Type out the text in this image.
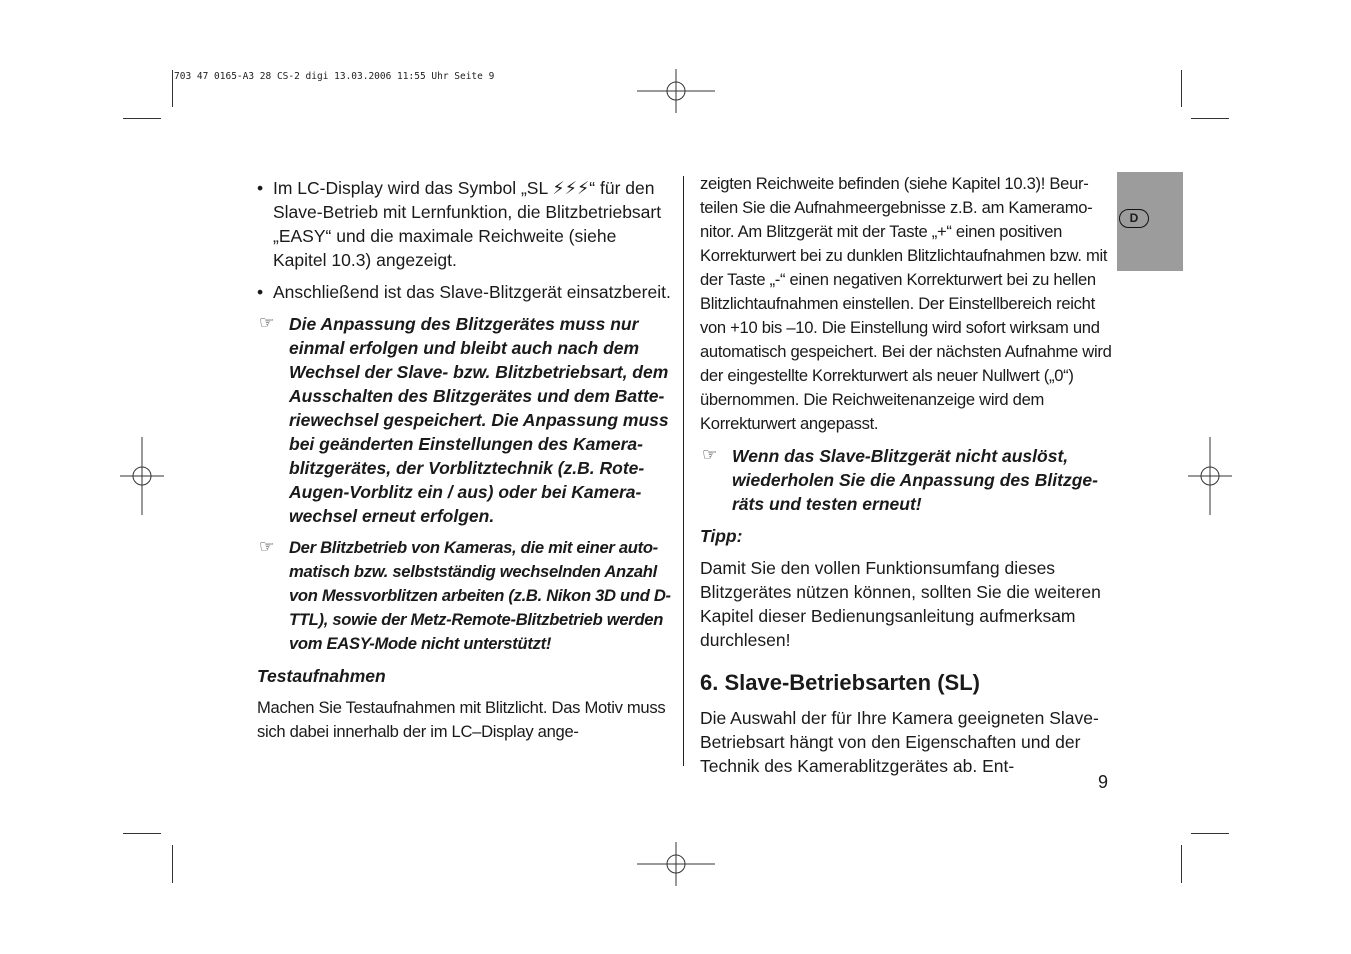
703 47 0165-A3 28 CS-2 digi 13.03.2006 11:55 Uhr Seite 9
D
• Im LC-Display wird das Symbol „SL ⚡⚡⚡“ für den Slave-Betrieb mit Lernfunktion, die Blitzbetriebsart „EASY“ und die maximale Reichweite (siehe Kapitel 10.3) angezeigt.
• Anschließend ist das Slave-Blitzgerät einsatzbereit.
☞ Die Anpassung des Blitzgerätes muss nur einmal erfolgen und bleibt auch nach dem Wechsel der Slave- bzw. Blitzbetriebsart, dem Ausschalten des Blitzgerätes und dem Batteriewechsel gespeichert. Die Anpassung muss bei geänderten Einstellungen des Kamerablitzgerätes, der Vorblitztechnik (z.B. Rote-Augen-Vorblitz ein / aus) oder bei Kamerawechsel erneut erfolgen.
☞ Der Blitzbetrieb von Kameras, die mit einer automatisch bzw. selbstständig wechselnden Anzahl von Messvorblitzen arbeiten (z.B. Nikon 3D und D-TTL), sowie der Metz-Remote-Blitzbetrieb werden vom EASY-Mode nicht unterstützt!
Testaufnahmen
Machen Sie Testaufnahmen mit Blitzlicht. Das Motiv muss sich dabei innerhalb der im LC–Display ange-
zeigten Reichweite befinden (siehe Kapitel 10.3)! Beurteilen Sie die Aufnahmeergebnisse z.B. am Kameramonitor. Am Blitzgerät mit der Taste „+“ einen positiven Korrekturwert bei zu dunklen Blitzlichtaufnahmen bzw. mit der Taste „-“ einen negativen Korrekturwert bei zu hellen Blitzlichtaufnahmen einstellen. Der Einstellbereich reicht von +10 bis –10. Die Einstellung wird sofort wirksam und automatisch gespeichert. Bei der nächsten Aufnahme wird der eingestellte Korrekturwert als neuer Nullwert („0“) übernommen. Die Reichweitenanzeige wird dem Korrekturwert angepasst.
☞ Wenn das Slave-Blitzgerät nicht auslöst, wiederholen Sie die Anpassung des Blitzgeräts und testen erneut!
Tipp:
Damit Sie den vollen Funktionsumfang dieses Blitzgerätes nützen können, sollten Sie die weiteren Kapitel dieser Bedienungsanleitung aufmerksam durchlesen!
6. Slave-Betriebsarten (SL)
Die Auswahl der für Ihre Kamera geeigneten Slave-Betriebsart hängt von den Eigenschaften und der Technik des Kamerablitzgerätes ab. Ent-
9
